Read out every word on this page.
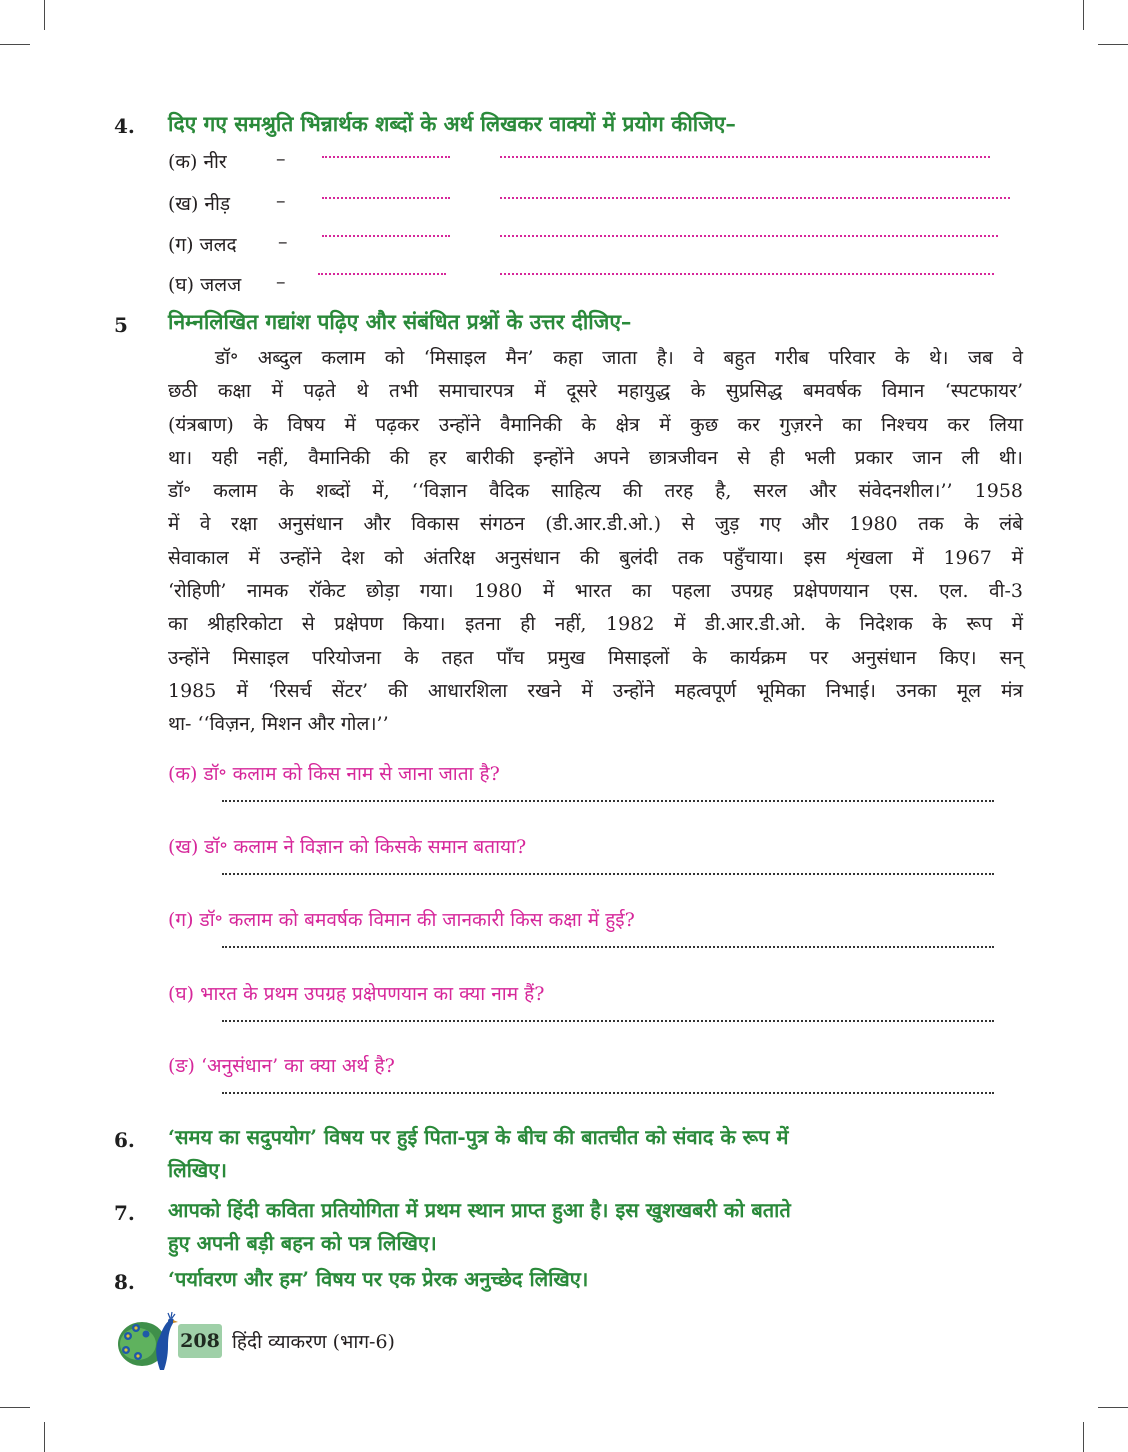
4. दिए गए समश्रुति भिन्नार्थक शब्दों के अर्थ लिखकर वाक्यों में प्रयोग कीजिए–
(क) नीर	–
(ख) नीड़ –
(ग) जलद –
(घ) जलज –
5 निम्नलिखित गद्यांश पढ़िए और संबंधित प्रश्नों के उत्तर दीजिए–
डॉ॰ अब्दुल कलाम को ‘मिसाइल मैन’ कहा जाता है। वे बहुत गरीब परिवार के थे। जब वे
छठी कक्षा में पढ़ते थे तभी समाचारपत्र में दूसरे महायुद्ध के सुप्रसिद्ध बमवर्षक विमान ‘स्पटफायर’
(यंत्रबाण) के विषय में पढ़कर उन्होंने वैमानिकी के क्षेत्र में कुछ कर गुज़रने का निश्चय कर लिया
था। यही नहीं, वैमानिकी की हर बारीकी इन्होंने अपने छात्रजीवन से ही भली प्रकार जान ली थी।
डॉ॰ कलाम के शब्दों में, ‘‘विज्ञान वैदिक साहित्य की तरह है, सरल और संवेदनशील।’’ 1958
में वे रक्षा अनुसंधान और विकास संगठन (डी.आर.डी.ओ.) से जुड़ गए और 1980 तक के लंबे
सेवाकाल में उन्होंने देश को अंतरिक्ष अनुसंधान की बुलंदी तक पहुँचाया। इस शृंखला में 1967 में
‘रोहिणी’ नामक रॉकेट छोड़ा गया। 1980 में भारत का पहला उपग्रह प्रक्षेपणयान एस. एल. वी-3
का श्रीहरिकोटा से प्रक्षेपण किया। इतना ही नहीं, 1982 में डी.आर.डी.ओ. के निदेशक के रूप में
उन्होंने मिसाइल परियोजना के तहत पाँच प्रमुख मिसाइलों के कार्यक्रम पर अनुसंधान किए। सन्
1985 में ‘रिसर्च सेंटर’ की आधारशिला रखने में उन्होंने महत्वपूर्ण भूमिका निभाई। उनका मूल मंत्र
था- ‘‘विज़न, मिशन और गोल।’’
(क) डॉ॰ कलाम को किस नाम से जाना जाता है?
(ख) डॉ॰ कलाम ने विज्ञान को किसके समान बताया?
(ग) डॉ॰ कलाम को बमवर्षक विमान की जानकारी किस कक्षा में हुई?
(घ) भारत के प्रथम उपग्रह प्रक्षेपणयान का क्या नाम हैं?
(ङ) ‘अनुसंधान’ का क्या अर्थ है?
6. ‘समय का सदुपयोग’ विषय पर हुई पिता-पुत्र के बीच की बातचीत को संवाद के रूप में
लिखिए।
7. आपको हिंदी कविता प्रतियोगिता में प्रथम स्थान प्राप्त हुआ है। इस खुशखबरी को बताते
हुए अपनी बड़ी बहन को पत्र लिखिए।
8. ‘पर्यावरण और हम’ विषय पर एक प्रेरक अनुच्छेद लिखिए।
208 हिंदी व्याकरण (भाग-6)
